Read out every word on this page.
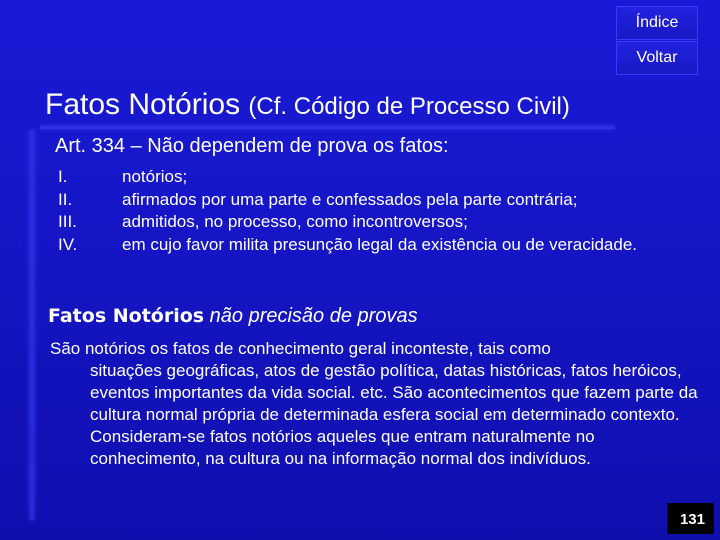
Índice
Voltar
Fatos Notórios (Cf. Código de Processo Civil)
Art. 334 – Não dependem de prova os fatos:
I.	notórios;
II.	afirmados por uma parte e confessados pela parte contrária;
III.	admitidos, no processo, como incontroversos;
IV.	em cujo favor milita presunção legal da existência ou de veracidade.
Fatos Notórios não precisão de provas
São notórios os fatos de conhecimento geral inconteste, tais como
situações geográficas, atos de gestão política, datas históricas, fatos heróicos, eventos importantes da vida social. etc. São acontecimentos que fazem parte da cultura normal própria de determinada esfera social em determinado contexto. Consideram-se fatos notórios aqueles que entram naturalmente no conhecimento, na cultura ou na informação normal dos indivíduos.
131
